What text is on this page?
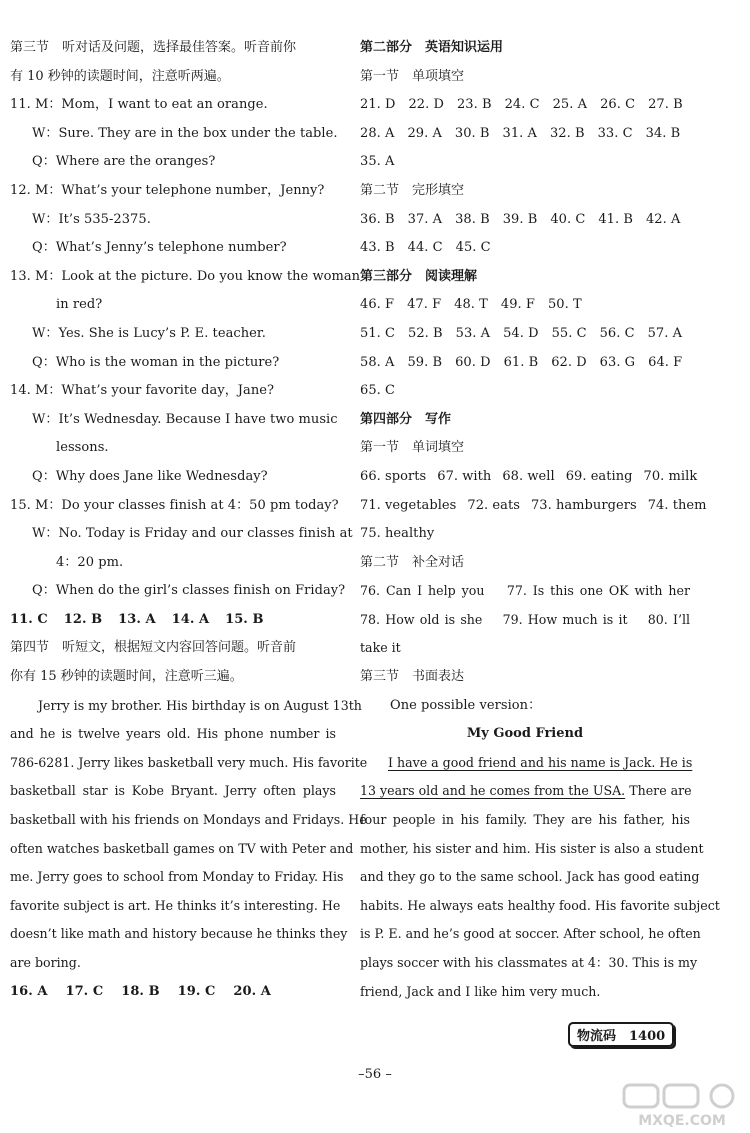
第三节　听对话及问题，选择最佳答案。听音前你
有 10 秒钟的读题时间，注意听两遍。
11. M：Mom，I want to eat an orange.
W：Sure. They are in the box under the table.
Q：Where are the oranges?
12. M：What’s your telephone number，Jenny?
W：It’s 535-2375.
Q：What’s Jenny’s telephone number?
13. M：Look at the picture. Do you know the woman
in red?
W：Yes. She is Lucy’s P. E. teacher.
Q：Who is the woman in the picture?
14. M：What’s your favorite day，Jane?
W：It’s Wednesday. Because I have two music
lessons.
Q：Why does Jane like Wednesday?
15. M：Do your classes finish at 4：50 pm today?
W：No. Today is Friday and our classes finish at
4：20 pm.
Q：When do the girl’s classes finish on Friday?
11. C 12. B 13. A 14. A 15. B
第四节　听短文，根据短文内容回答问题。听音前
你有 15 秒钟的读题时间，注意听三遍。
Jerry is my brother. His birthday is on August 13th
and he is twelve years old. His phone number is
786-6281. Jerry likes basketball very much. His favorite
basketball star is Kobe Bryant. Jerry often plays
basketball with his friends on Mondays and Fridays. He
often watches basketball games on TV with Peter and
me. Jerry goes to school from Monday to Friday. His
favorite subject is art. He thinks it’s interesting. He
doesn’t like math and history because he thinks they
are boring.
16. A 17. C 18. B 19. C 20. A
第二部分　英语知识运用
第一节　单项填空
21. D 22. D 23. B 24. C 25. A 26. C 27. B
28. A 29. A 30. B 31. A 32. B 33. C 34. B
35. A
第二节　完形填空
36. B 37. A 38. B 39. B 40. C 41. B 42. A
43. B 44. C 45. C
第三部分　阅读理解
46. F 47. F 48. T 49. F 50. T
51. C 52. B 53. A 54. D 55. C 56. C 57. A
58. A 59. B 60. D 61. B 62. D 63. G 64. F
65. C
第四部分　写作
第一节　单词填空
66. sports 67. with 68. well 69. eating 70. milk
71. vegetables 72. eats 73. hamburgers 74. them
75. healthy
第二节　补全对话
76. Can I help you　 77. Is this one OK with her
78. How old is she　 79. How much is it　 80. I’ll
take it
第三节　书面表达
One possible version：
My Good Friend
I have a good friend and his name is Jack. He is
13 years old and he comes from the USA. There are
four people in his family. They are his father, his
mother, his sister and him. His sister is also a student
and they go to the same school. Jack has good eating
habits. He always eats healthy food. His favorite subject
is P. E. and he’s good at soccer. After school, he often
plays soccer with his classmates at 4：30. This is my
friend, Jack and I like him very much.
物流码　1400
–56 –
MXQE.COM
